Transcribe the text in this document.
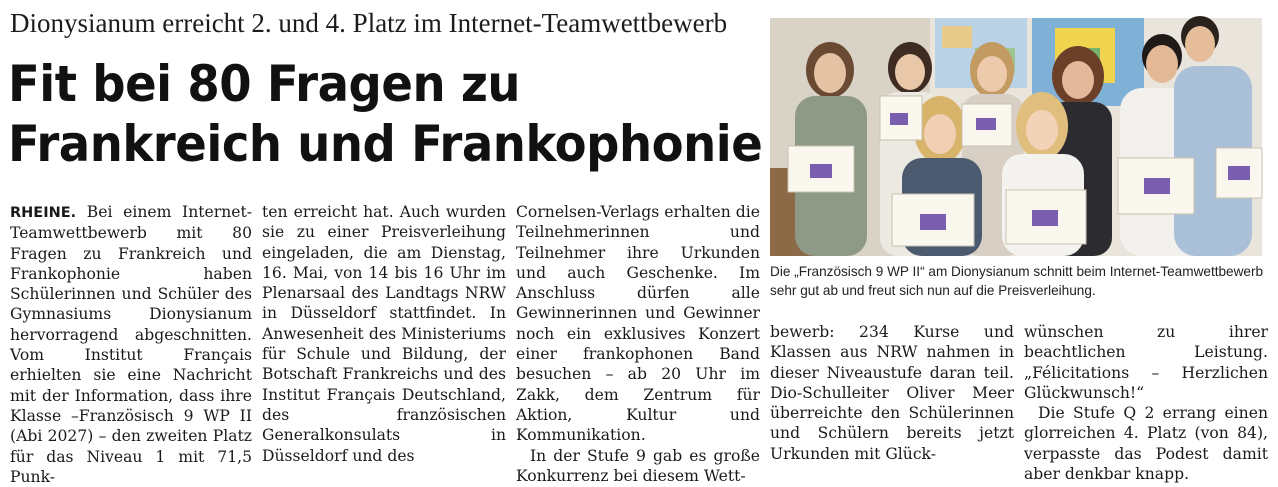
Dionysianum erreicht 2. und 4. Platz im Internet-Teamwettbewerb
Fit bei 80 Fragen zu
Frankreich und Frankophonie

RHEINE. Bei einem Internet-Teamwettbewerb mit 80 Fragen zu Frankreich und Frankophonie haben Schülerinnen und Schüler des Gymnasiums Dionysianum hervorragend abgeschnitten. Vom Institut Français erhielten sie eine Nachricht mit der Information, dass ihre Klasse –Französisch 9 WP II (Abi 2027) – den zweiten Platz für das Niveau 1 mit 71,5 Punk-

ten erreicht hat. Auch wurden sie zu einer Preisverleihung eingeladen, die am Dienstag, 16. Mai, von 14 bis 16 Uhr im Plenarsaal des Landtags NRW in Düsseldorf stattfindet. In Anwesenheit des Ministeriums für Schule und Bildung, der Botschaft Frankreichs und des Institut Français Deutschland, des französischen Generalkonsulats in Düsseldorf und des

Cornelsen-Verlags erhalten die Teilnehmerinnen und Teilnehmer ihre Urkunden und auch Geschenke. Im Anschluss dürfen alle Gewinnerinnen und Gewinner noch ein exklusives Konzert einer frankophonen Band besuchen – ab 20 Uhr im Zakk, dem Zentrum für Aktion, Kultur und Kommunikation.

In der Stufe 9 gab es große Konkurrenz bei diesem Wett-

Die „Französisch 9 WP II“ am Dionysianum schnitt beim Internet-Teamwettbewerb sehr gut ab und freut sich nun auf die Preisverleihung.

bewerb: 234 Kurse und Klassen aus NRW nahmen in dieser Niveaustufe daran teil. Dio-Schulleiter Oliver Meer überreichte den Schülerinnen und Schülern bereits jetzt Urkunden mit Glück-

wünschen zu ihrer beachtlichen Leistung. „Félicitations – Herzlichen Glückwunsch!“

Die Stufe Q 2 errang einen glorreichen 4. Platz (von 84), verpasste das Podest damit aber denkbar knapp.
